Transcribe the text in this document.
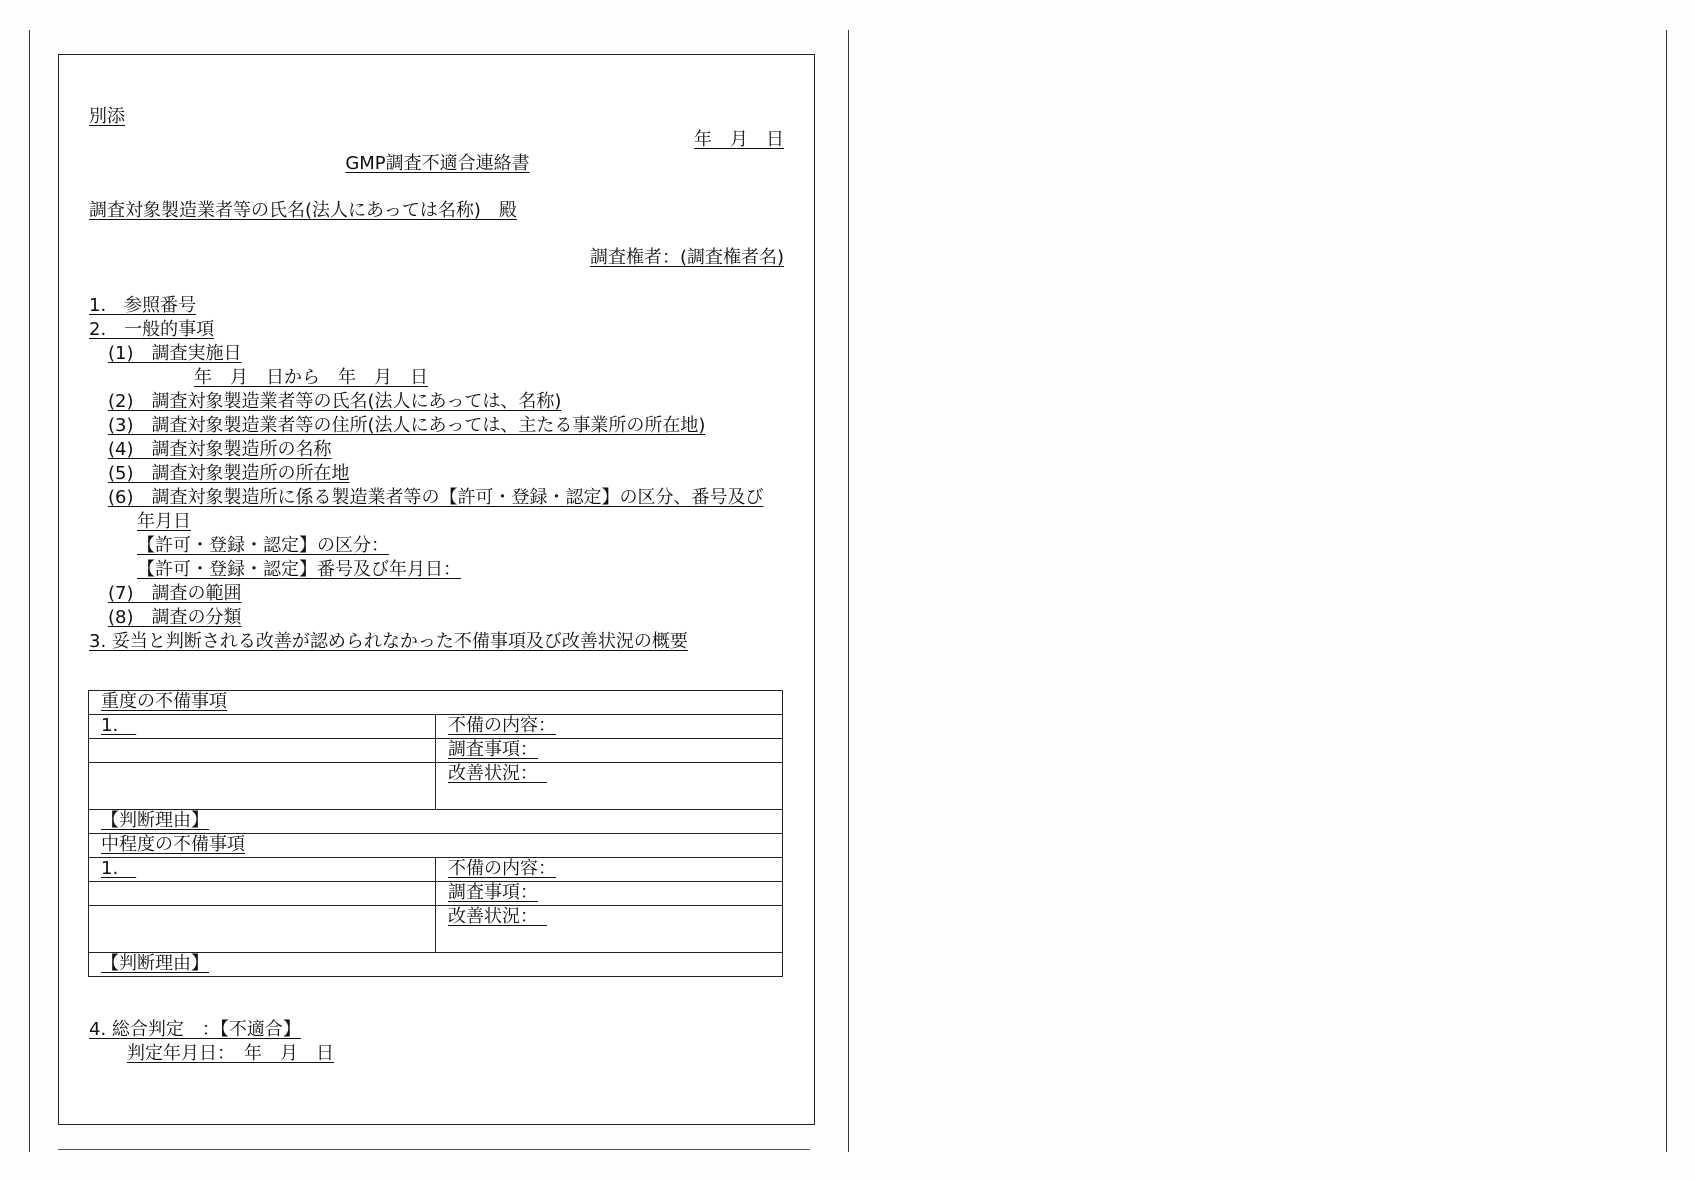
別添
年　月　日
GMP調査不適合連絡書
調査対象製造業者等の氏名(法人にあっては名称)　殿
調査権者：(調査権者名)
1.　参照番号
2.　一般的事項
(1)　調査実施日
年　月　日から　年　月　日
(2)　調査対象製造業者等の氏名(法人にあっては、名称)
(3)　調査対象製造業者等の住所(法人にあっては、主たる事業所の所在地)
(4)　調査対象製造所の名称
(5)　調査対象製造所の所在地
(6)　調査対象製造所に係る製造業者等の【許可・登録・認定】の区分、番号及び
年月日
【許可・登録・認定】の区分：
【許可・登録・認定】番号及び年月日：
(7)　調査の範囲
(8)　調査の分類
3. 妥当と判断される改善が認められなかった不備事項及び改善状況の概要
重度の不備事項	
1.　	不備の内容：
	調査事項：
	改善状況：　
【判断理由】	
中程度の不備事項	
1.　	不備の内容：
	調査事項：
	改善状況：　
【判断理由】	
4. 総合判定　：【不適合】
判定年月日：　年　月　日
